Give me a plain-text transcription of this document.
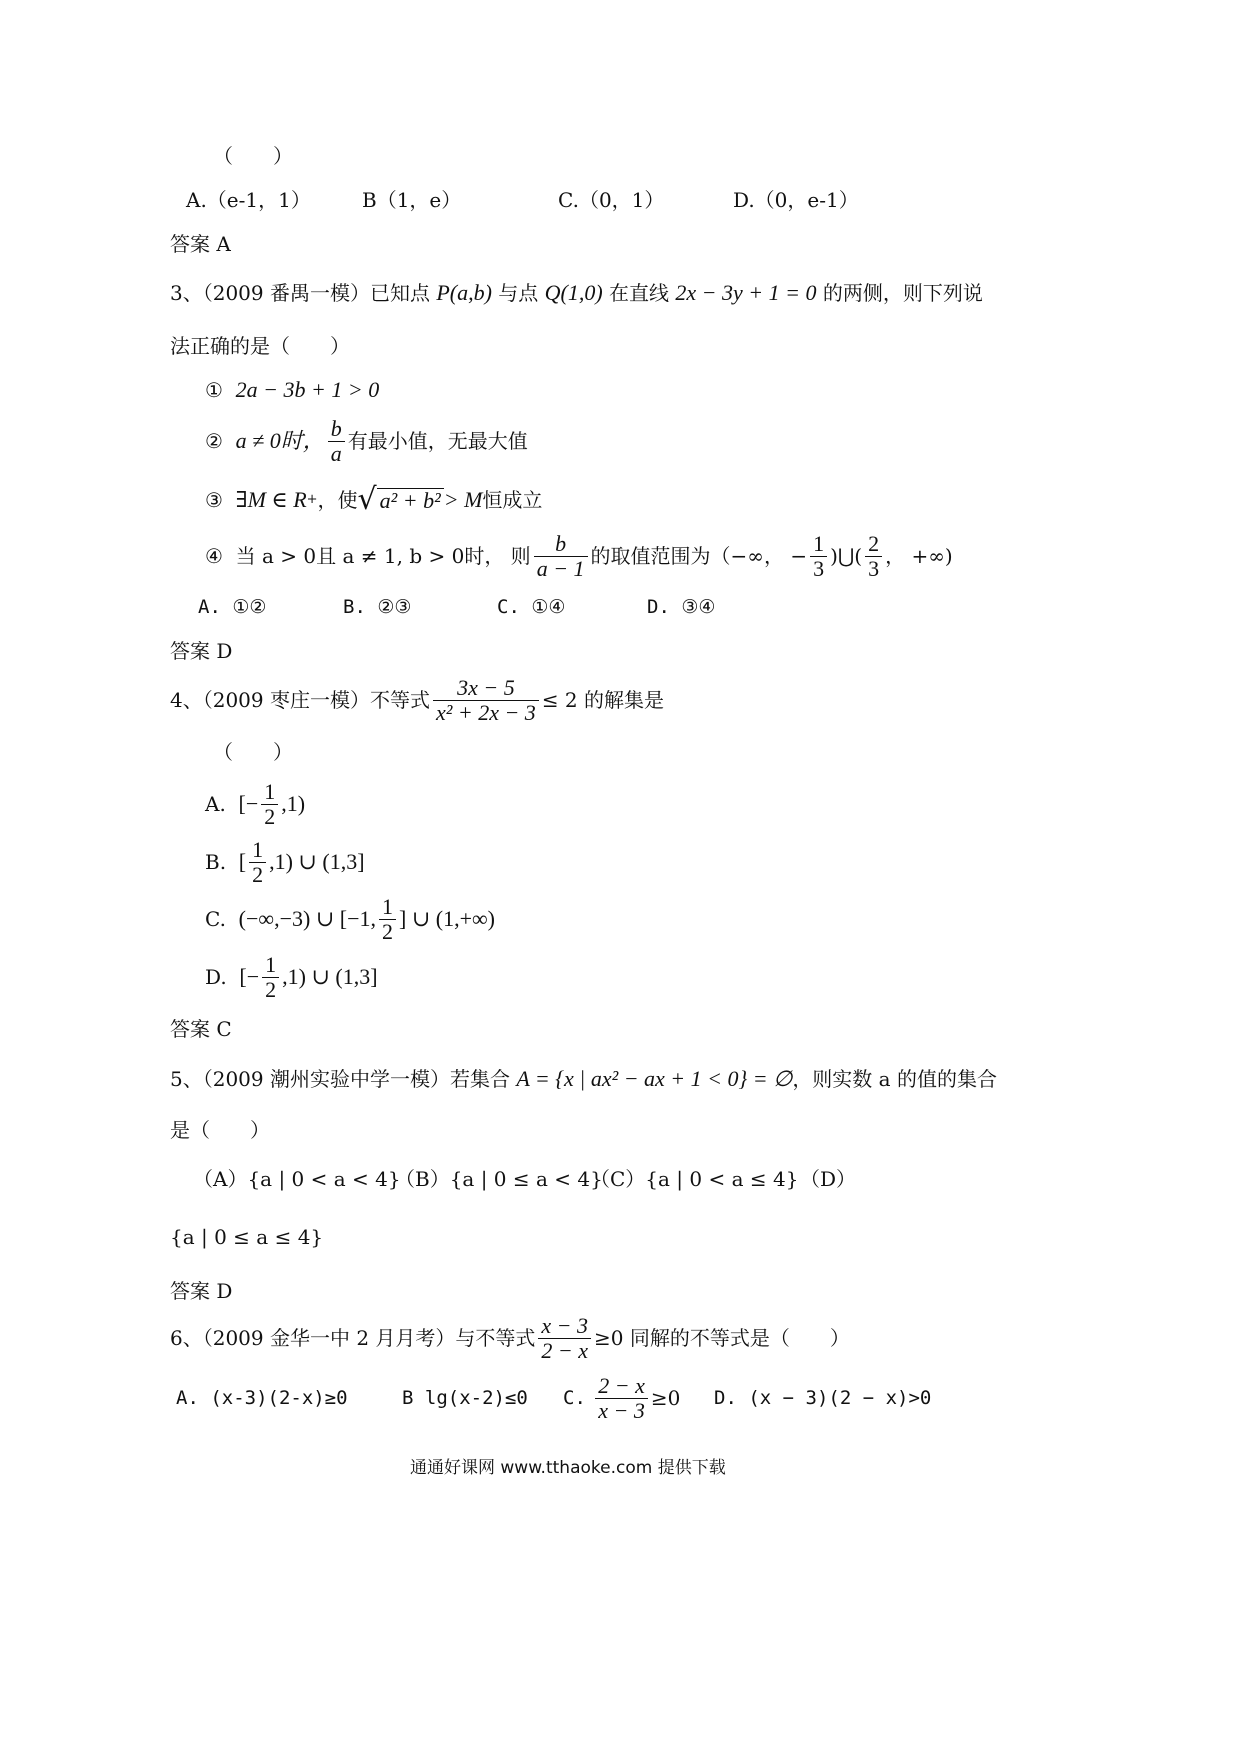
（　　）
A.（e-1，1）	B（1，e）	C.（0，1）	D.（0，e-1）
答案 A
3、（2009 番禺一模）已知点 P(a,b) 与点 Q(1,0) 在直线 2x − 3y + 1 = 0 的两侧，则下列说
法正确的是（　　）
① 2a − 3b + 1 > 0
②
a ≠ 0时， $\frac{b}{a}$ 有最小值，无最大值
③
∃M ∈ R + ，使 √ a² + b² > M 恒成立
④
当 a > 0且 a ≠ 1, b > 0时， 则 $\frac{b}{a - 1}$ 的取值范围为（−∞， − $\frac{1}{3}$ )⋃( $\frac{2}{3}$ ， +∞)
A. ①②	B. ②③	C. ①④	D. ③④
答案 D
4、（2009 枣庄一模）不等式 $\frac{3x - 5}{\text{x² + 2x − 3}} \le 2$ 的解集是
（　　）
A.
[− $\frac{1}{2} ,1$)
B.
[ $\frac{1}{2} ,1$) ∪ (1,3]
C.
(−∞,−3) ∪ [−1, $\frac{1}{2}$ ] ∪ (1,+∞)
D.
[− $\frac{1}{2} ,1$) ∪ (1,3]
答案 C
5、（2009 潮州实验中学一模）若集合 A = {x | ax² − ax + 1 < 0} = ∅，则实数 a 的值的集合
是（　　）
（A）{a | 0 < a < 4}
（B）{a | 0 ≤ a < 4}
（C）{a | 0 < a ≤ 4} （D）
{a | 0 ≤ a ≤ 4}
答案 D
6、（2009 金华一中 2 月月考）与不等式 $\frac{x - 3}{2 - x} \ge 0$ 同解的不等式是（　　）
A. (x-3)(2-x)≥0	B lg(x-2)≤0 C.
$\frac{2 - x}{x - 3} \ge 0$ D. (x − 3)(2 − x)>0
通通好课网 www.tthaoke.com 提供下载
